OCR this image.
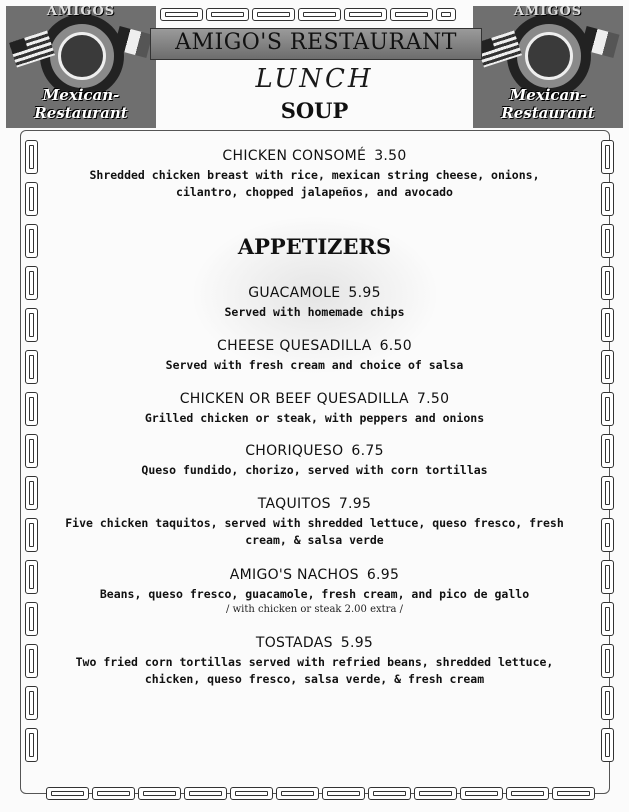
AMIGOS
Mexican-Restaurant
AMIGOS
Mexican-Restaurant
AMIGO'S RESTAURANT
LUNCH
SOUP
CHICKEN CONSOMÉ 3.50
Shredded chicken breast with rice, mexican string cheese, onions,
cilantro, chopped jalapeños, and avocado
APPETIZERS
GUACAMOLE 5.95
Served with homemade chips
CHEESE QUESADILLA 6.50
Served with fresh cream and choice of salsa
CHICKEN OR BEEF QUESADILLA 7.50
Grilled chicken or steak, with peppers and onions
CHORIQUESO 6.75
Queso fundido, chorizo, served with corn tortillas
TAQUITOS 7.95
Five chicken taquitos, served with shredded lettuce, queso fresco, fresh
cream, & salsa verde
AMIGO'S NACHOS 6.95
Beans, queso fresco, guacamole, fresh cream, and pico de gallo
/ with chicken or steak 2.00 extra /
TOSTADAS 5.95
Two fried corn tortillas served with refried beans, shredded lettuce,
chicken, queso fresco, salsa verde, & fresh cream
